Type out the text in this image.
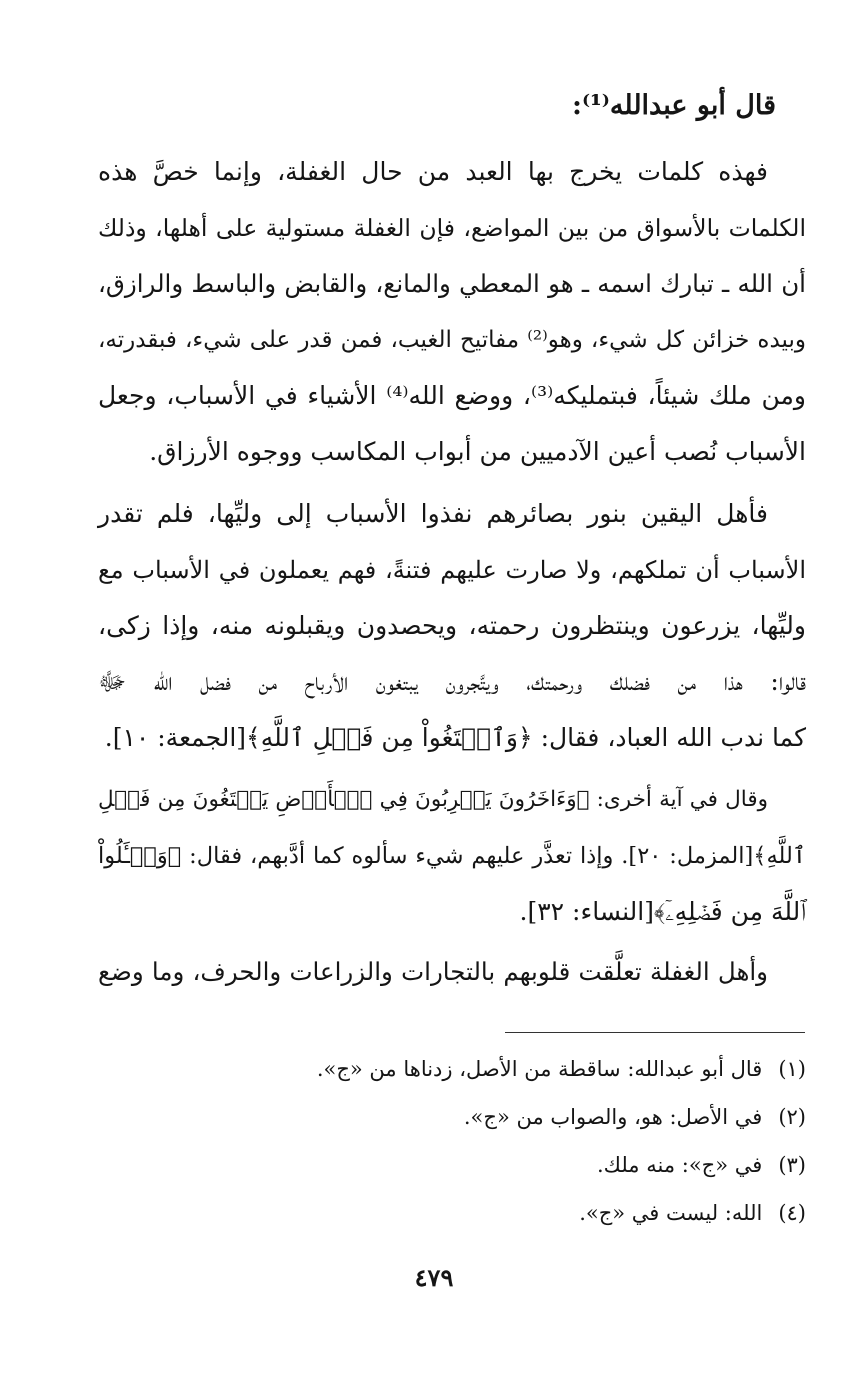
قال أبو عبدالله⁽¹⁾:
فهذه كلمات يخرج بها العبد من حال الغفلة، وإنما خصَّ هذه
الكلمات بالأسواق من بين المواضع، فإن الغفلة مستولية على أهلها، وذلك
أن الله ـ تبارك اسمه ـ هو المعطي والمانع، والقابض والباسط والرازق،
وبيده خزائن كل شيء، وهو⁽²⁾ مفاتيح الغيب، فمن قدر على شيء، فبقدرته،
ومن ملك شيئاً، فبتمليكه⁽³⁾، ووضع الله⁽⁴⁾ الأشياء في الأسباب، وجعل
الأسباب نُصب أعين الآدميين من أبواب المكاسب ووجوه الأرزاق.
فأهل اليقين بنور بصائرهم نفذوا الأسباب إلى وليِّها، فلم تقدر
الأسباب أن تملكهم، ولا صارت عليهم فتنةً، فهم يعملون في الأسباب مع
وليِّها، يزرعون وينتظرون رحمته، ويحصدون ويقبلونه منه، وإذا زكى،
قالوا: هذا من فضلك ورحمتك، ويتَّجرون يبتغون الأرباح من فضل الله ﷻ
كما ندب الله العباد، فقال: ﴿وَٱبۡتَغُواْ مِن فَضۡلِ ٱللَّهِ﴾[الجمعة: ١٠].
وقال في آية أخرى: ﴿وَءَاخَرُونَ يَضۡرِبُونَ فِي ٱلۡأَرۡضِ يَبۡتَغُونَ مِن فَضۡلِ
ٱللَّهِ﴾[المزمل: ٢٠]. وإذا تعذَّر عليهم شيء سألوه كما أدَّبهم، فقال: ﴿وَسۡـَٔلُواْ
ٱللَّهَ مِن فَضۡلِهِۦٓ﴾[النساء: ٣٢].
وأهل الغفلة تعلَّقت قلوبهم بالتجارات والزراعات والحرف، وما وضع
(١)قال أبو عبدالله: ساقطة من الأصل، زدناها من «ج».
(٢)في الأصل: هو، والصواب من «ج».
(٣)في «ج»: منه ملك.
(٤)الله: ليست في «ج».
٤٧٩
